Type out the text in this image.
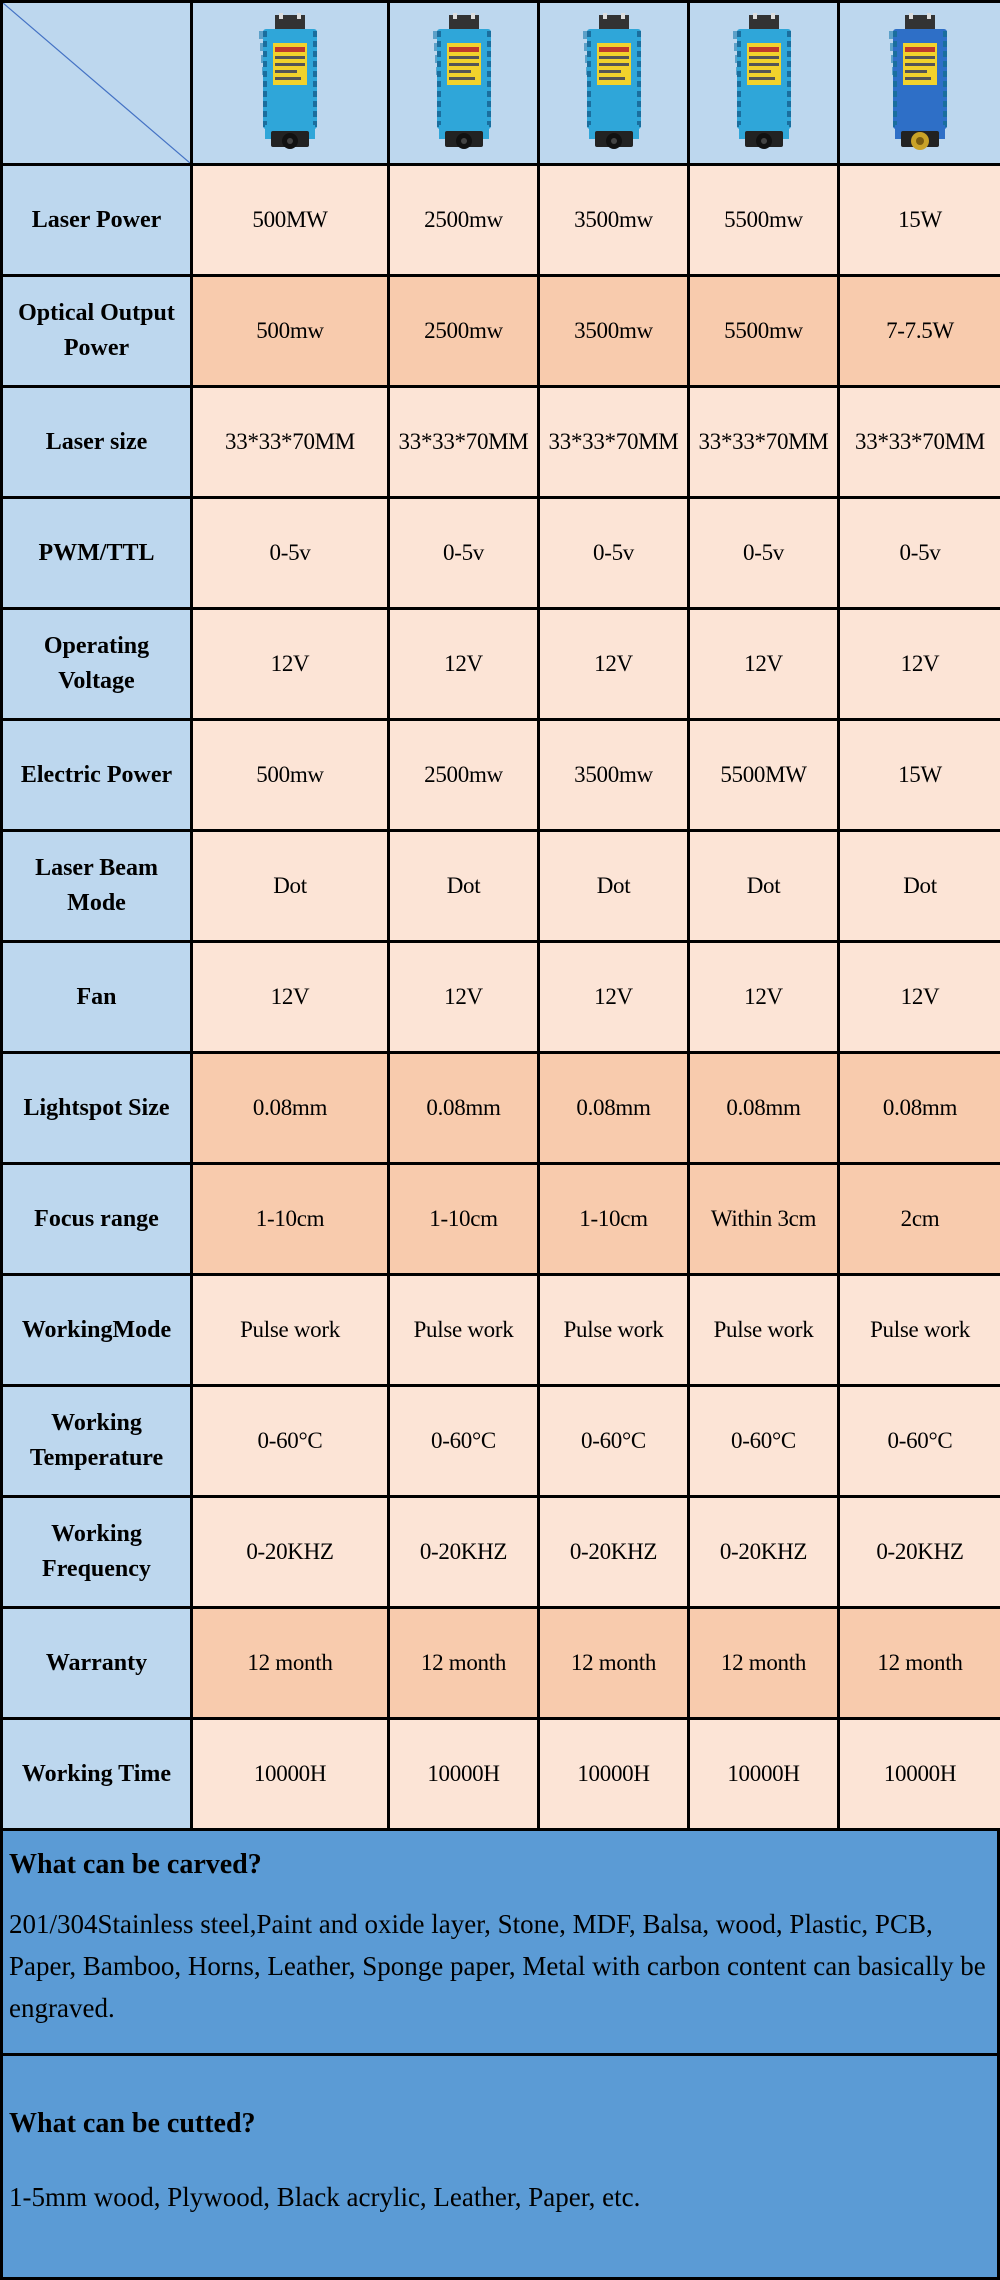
Laser Power	500MW	2500mw	3500mw	5500mw	15W
Optical Output Power	500mw	2500mw	3500mw	5500mw	7-7.5W
Laser size	33*33*70MM	33*33*70MM	33*33*70MM	33*33*70MM	33*33*70MM
PWM/TTL	0-5v	0-5v	0-5v	0-5v	0-5v
Operating Voltage	12V	12V	12V	12V	12V
Electric Power	500mw	2500mw	3500mw	5500MW	15W
Laser Beam Mode	Dot	Dot	Dot	Dot	Dot
Fan	12V	12V	12V	12V	12V
Lightspot Size	0.08mm	0.08mm	0.08mm	0.08mm	0.08mm
Focus range	1-10cm	1-10cm	1-10cm	Within 3cm	2cm
WorkingMode	Pulse work	Pulse work	Pulse work	Pulse work	Pulse work
Working Temperature	0-60°C	0-60°C	0-60°C	0-60°C	0-60°C
Working Frequency	0-20KHZ	0-20KHZ	0-20KHZ	0-20KHZ	0-20KHZ
Warranty	12 month	12 month	12 month	12 month	12 month
Working Time	10000H	10000H	10000H	10000H	10000H
What can be carved?
201/304Stainless steel,Paint and oxide layer, Stone, MDF, Balsa, wood, Plastic, PCB, Paper, Bamboo, Horns, Leather, Sponge paper, Metal with carbon content can basically be engraved.
What can be cutted?
1-5mm wood, Plywood, Black acrylic, Leather, Paper, etc.
